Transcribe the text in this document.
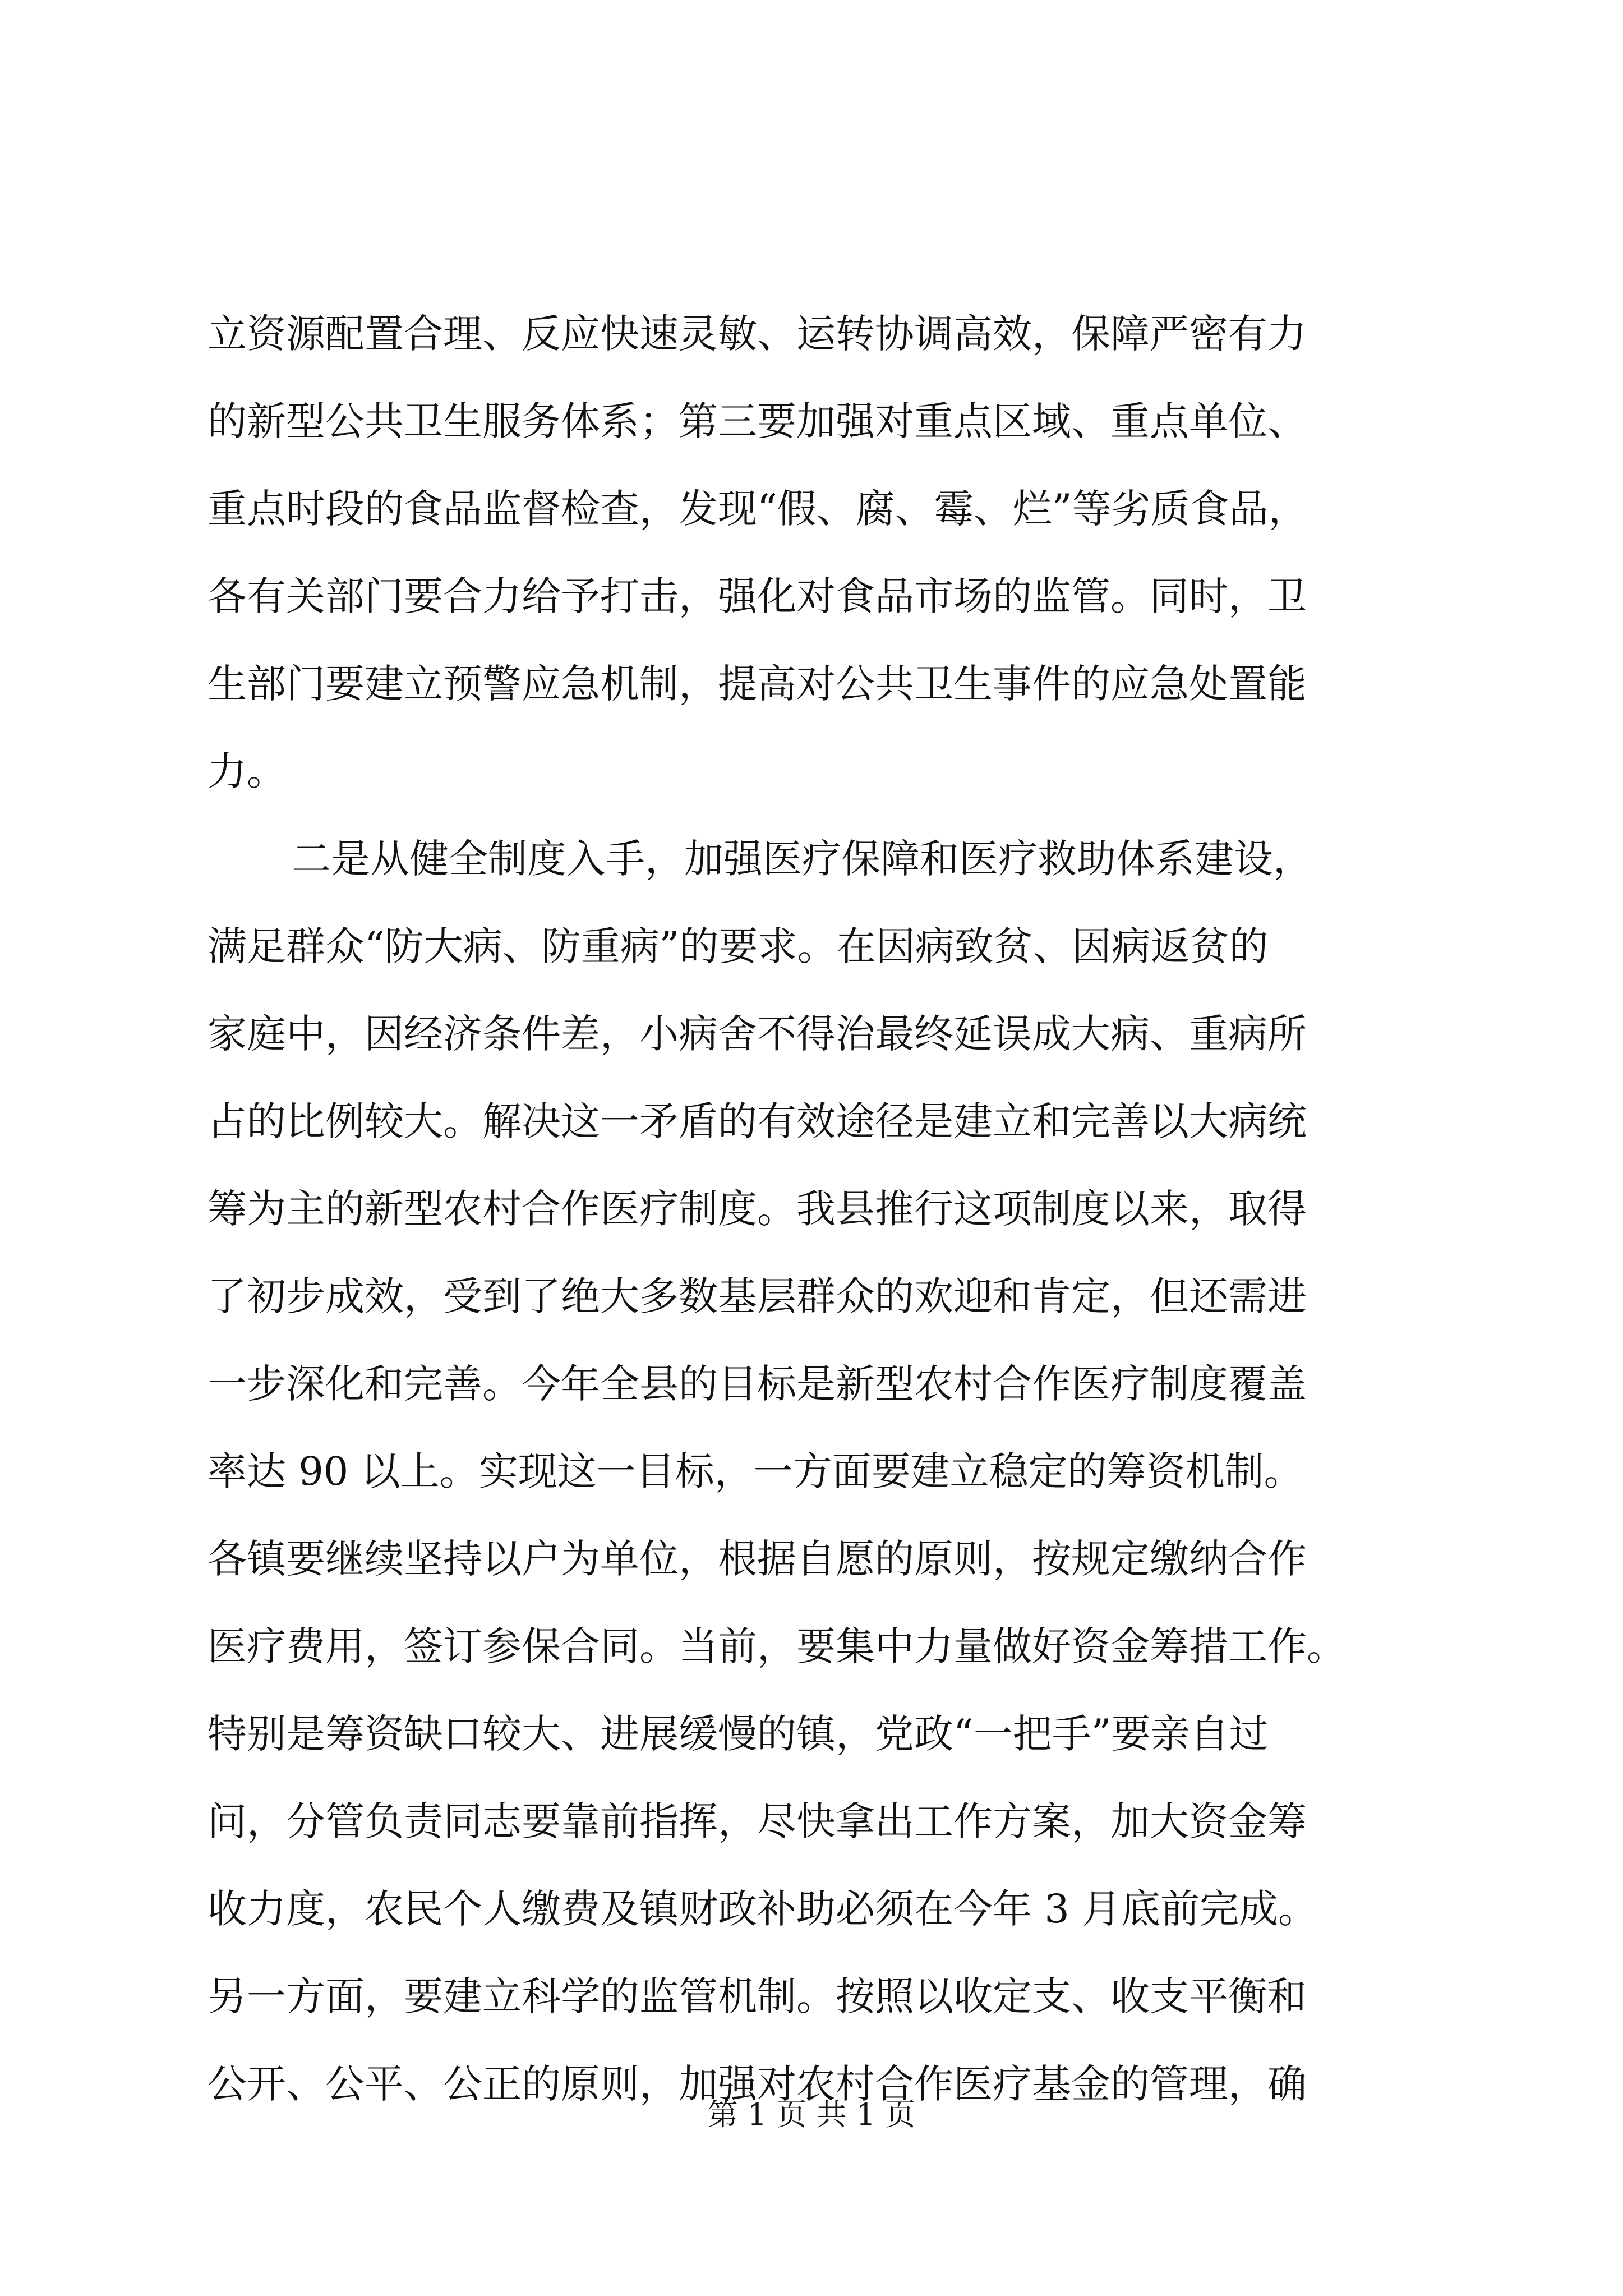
立资源配置合理、反应快速灵敏、运转协调高效，保障严密有力
的新型公共卫生服务体系；第三要加强对重点区域、重点单位、
重点时段的食品监督检查，发现“假、腐、霉、烂”等劣质食品，
各有关部门要合力给予打击，强化对食品市场的监管。同时，卫
生部门要建立预警应急机制，提高对公共卫生事件的应急处置能
力。
二是从健全制度入手，加强医疗保障和医疗救助体系建设，
满足群众“防大病、防重病”的要求。在因病致贫、因病返贫的
家庭中，因经济条件差，小病舍不得治最终延误成大病、重病所
占的比例较大。解决这一矛盾的有效途径是建立和完善以大病统
筹为主的新型农村合作医疗制度。我县推行这项制度以来，取得
了初步成效，受到了绝大多数基层群众的欢迎和肯定，但还需进
一步深化和完善。今年全县的目标是新型农村合作医疗制度覆盖
率达 90 以上。实现这一目标，一方面要建立稳定的筹资机制。
各镇要继续坚持以户为单位，根据自愿的原则，按规定缴纳合作
医疗费用，签订参保合同。当前，要集中力量做好资金筹措工作。
特别是筹资缺口较大、进展缓慢的镇，党政“一把手”要亲自过
问，分管负责同志要靠前指挥，尽快拿出工作方案，加大资金筹
收力度，农民个人缴费及镇财政补助必须在今年 3 月底前完成。
另一方面，要建立科学的监管机制。按照以收定支、收支平衡和
公开、公平、公正的原则，加强对农村合作医疗基金的管理，确
第 1 页 共 1 页
